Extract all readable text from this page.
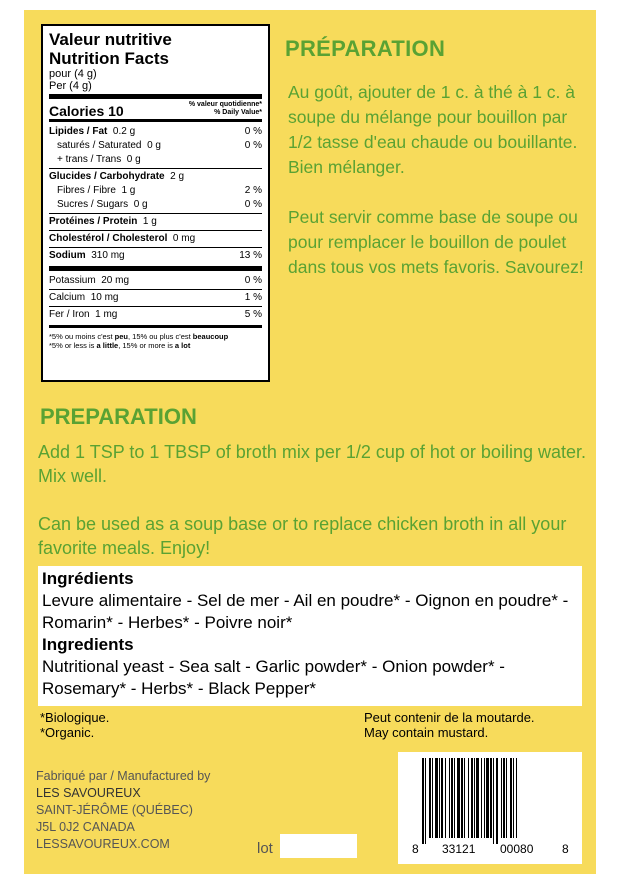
Valeur nutritive
Nutrition Facts
pour (4 g)
Per (4 g)
Calories 10	% valeur quotidienne*
% Daily Value*
Lipides / Fat 0.2 g	0 %
saturés / Saturated 0 g	0 %
+ trans / Trans 0 g
Glucides / Carbohydrate 2 g
Fibres / Fibre 1 g	2 %
Sucres / Sugars 0 g	0 %
Protéines / Protein 1 g
Cholestérol / Cholesterol 0 mg
Sodium 310 mg	13 %
Potassium 20 mg	0 %
Calcium 10 mg	1 %
Fer / Iron 1 mg	5 %
*5% ou moins c'est peu, 15% ou plus c'est beaucoup
*5% or less is a little, 15% or more is a lot
PRÉPARATION
Au goût, ajouter de 1 c. à thé à 1 c. à soupe du mélange pour bouillon par 1/2 tasse d'eau chaude ou bouillante. Bien mélanger.
Peut servir comme base de soupe ou pour remplacer le bouillon de poulet dans tous vos mets favoris. Savourez!
PREPARATION
Add 1 TSP to 1 TBSP of broth mix per 1/2 cup of hot or boiling water. Mix well.
Can be used as a soup base or to replace chicken broth in all your favorite meals. Enjoy!
Ingrédients
Levure alimentaire - Sel de mer - Ail en poudre* - Oignon en poudre* - Romarin* - Herbes* - Poivre noir*
Ingredients
Nutritional yeast - Sea salt - Garlic powder* - Onion powder* - Rosemary* - Herbs* - Black Pepper*
*Biologique.
*Organic.
Peut contenir de la moutarde.
May contain mustard.
Fabriqué par / Manufactured by
LES SAVOUREUX
SAINT-JÉRÔME (QUÉBEC)
J5L 0J2 CANADA
LESSAVOUREUX.COM	lot	8 33121 00080 8
